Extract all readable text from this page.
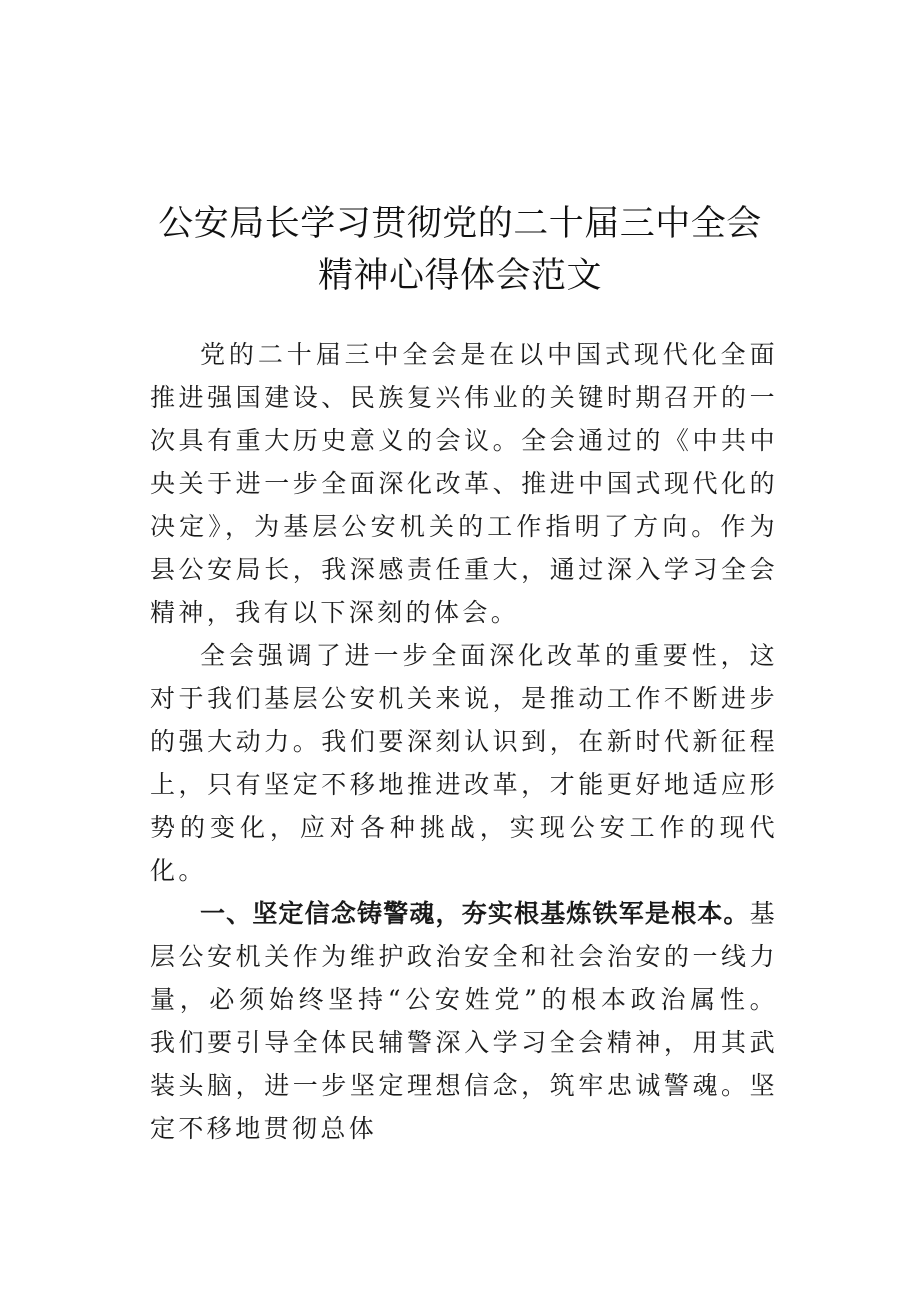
公安局长学习贯彻党的二十届三中全会
精神心得体会范文

党的二十届三中全会是在以中国式现代化全面推进强国建设、民族复兴伟业的关键时期召开的一次具有重大历史意义的会议。全会通过的《中共中央关于进一步全面深化改革、推进中国式现代化的决定》，为基层公安机关的工作指明了方向。作为县公安局长，我深感责任重大，通过深入学习全会精神，我有以下深刻的体会。

全会强调了进一步全面深化改革的重要性，这对于我们基层公安机关来说，是推动工作不断进步的强大动力。我们要深刻认识到，在新时代新征程上，只有坚定不移地推进改革，才能更好地适应形势的变化，应对各种挑战，实现公安工作的现代化。

一、坚定信念铸警魂，夯实根基炼铁军是根本。基层公安机关作为维护政治安全和社会治安的一线力量，必须始终坚持“公安姓党”的根本政治属性。我们要引导全体民辅警深入学习全会精神，用其武装头脑，进一步坚定理想信念，筑牢忠诚警魂。坚定不移地贯彻总体
